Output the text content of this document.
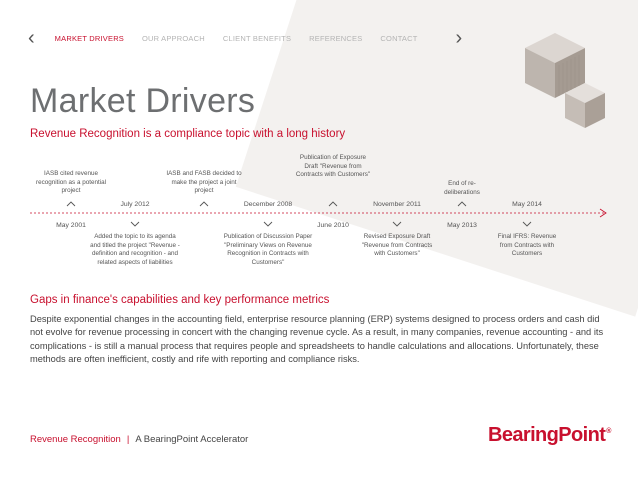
‹	MARKET DRIVERS OUR APPROACH CLIENT BENEFITS REFERENCES CONTACT ›
Market Drivers
Revenue Recognition is a compliance topic with a long history
IASB cited revenue recognition as a potential project
May 2001
July 2012
Added the topic to its agenda and titled the project "Revenue - definition and recognition - and related aspects of liabilities
IASB and FASB decided to make the project a joint project
December 2008
Publication of Discussion Paper "Preliminary Views on Revenue Recognition in Contracts with Customers"
Publication of Exposure Draft "Revenue from Contracts with Customers"
June 2010
November 2011
Revised Exposure Draft "Revenue from Contracts with Customers"
End of re-deliberations
May 2013
May 2014
Final IFRS: Revenue from Contracts with Customers
Gaps in finance's capabilities and key performance metrics
Despite exponential changes in the accounting field, enterprise resource planning (ERP) systems designed to process orders and cash did not evolve for revenue processing in concert with the changing revenue cycle. As a result, in many companies, revenue accounting - and its complications - is still a manual process that requires people and spreadsheets to handle calculations and allocations. Unfortunately, these methods are often inefficient, costly and rife with reporting and compliance risks.
Revenue Recognition | A BearingPoint Accelerator	BearingPoint®
